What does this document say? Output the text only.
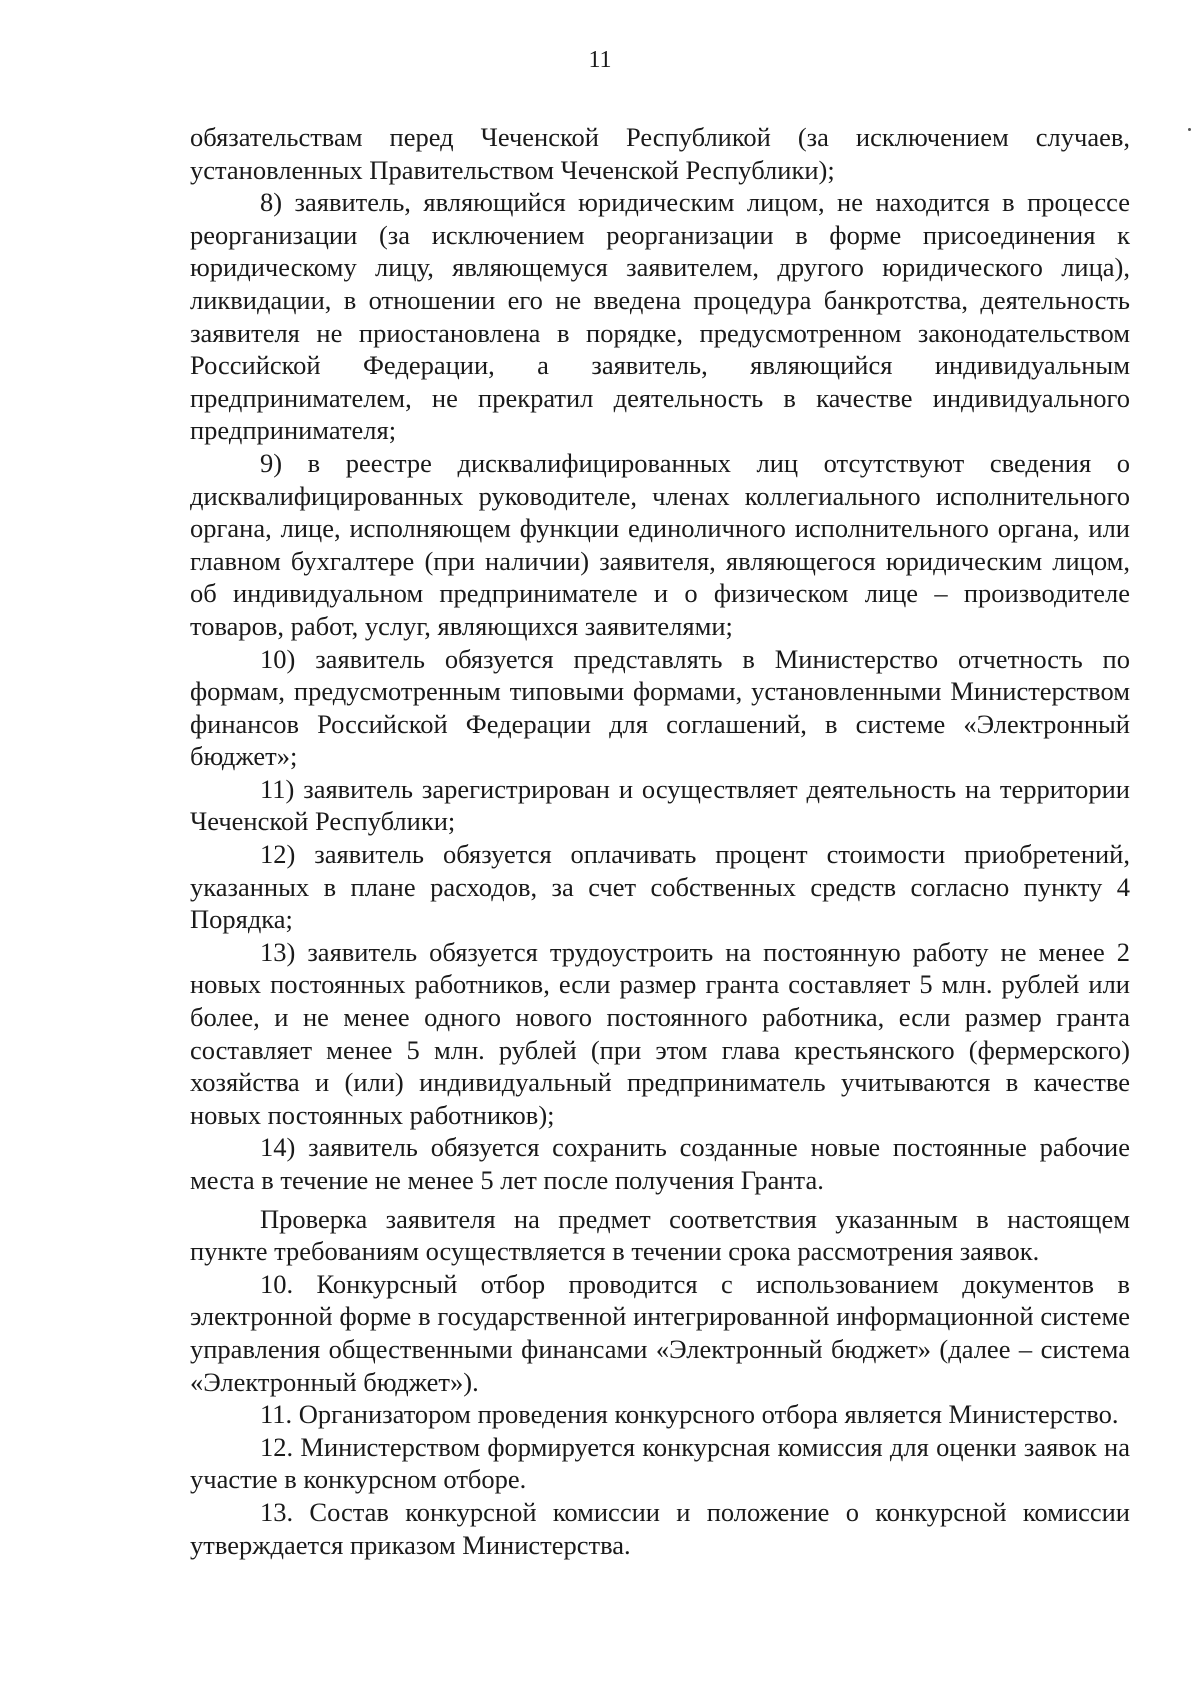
11

обязательствам перед Чеченской Республикой (за исключением случаев, установленных Правительством Чеченской Республики);

8) заявитель, являющийся юридическим лицом, не находится в процессе реорганизации (за исключением реорганизации в форме присоединения к юридическому лицу, являющемуся заявителем, другого юридического лица), ликвидации, в отношении его не введена процедура банкротства, деятельность заявителя не приостановлена в порядке, предусмотренном законодательством Российской Федерации, а заявитель, являющийся индивидуальным предпринимателем, не прекратил деятельность в качестве индивидуального предпринимателя;

9) в реестре дисквалифицированных лиц отсутствуют сведения о дисквалифицированных руководителе, членах коллегиального исполнительного органа, лице, исполняющем функции единоличного исполнительного органа, или главном бухгалтере (при наличии) заявителя, являющегося юридическим лицом, об индивидуальном предпринимателе и о физическом лице – производителе товаров, работ, услуг, являющихся заявителями;

10) заявитель обязуется представлять в Министерство отчетность по формам, предусмотренным типовыми формами, установленными Министерством финансов Российской Федерации для соглашений, в системе «Электронный бюджет»;

11) заявитель зарегистрирован и осуществляет деятельность на территории Чеченской Республики;

12) заявитель обязуется оплачивать процент стоимости приобретений, указанных в плане расходов, за счет собственных средств согласно пункту 4 Порядка;

13) заявитель обязуется трудоустроить на постоянную работу не менее 2 новых постоянных работников, если размер гранта составляет 5 млн. рублей или более, и не менее одного нового постоянного работника, если размер гранта составляет менее 5 млн. рублей (при этом глава крестьянского (фермерского) хозяйства и (или) индивидуальный предприниматель учитываются в качестве новых постоянных работников);

14) заявитель обязуется сохранить созданные новые постоянные рабочие места в течение не менее 5 лет после получения Гранта.

Проверка заявителя на предмет соответствия указанным в настоящем пункте требованиям осуществляется в течении срока рассмотрения заявок.

10. Конкурсный отбор проводится с использованием документов в электронной форме в государственной интегрированной информационной системе управления общественными финансами «Электронный бюджет» (далее – система «Электронный бюджет»).

11. Организатором проведения конкурсного отбора является Министерство.

12. Министерством формируется конкурсная комиссия для оценки заявок на участие в конкурсном отборе.

13. Состав конкурсной комиссии и положение о конкурсной комиссии утверждается приказом Министерства.
